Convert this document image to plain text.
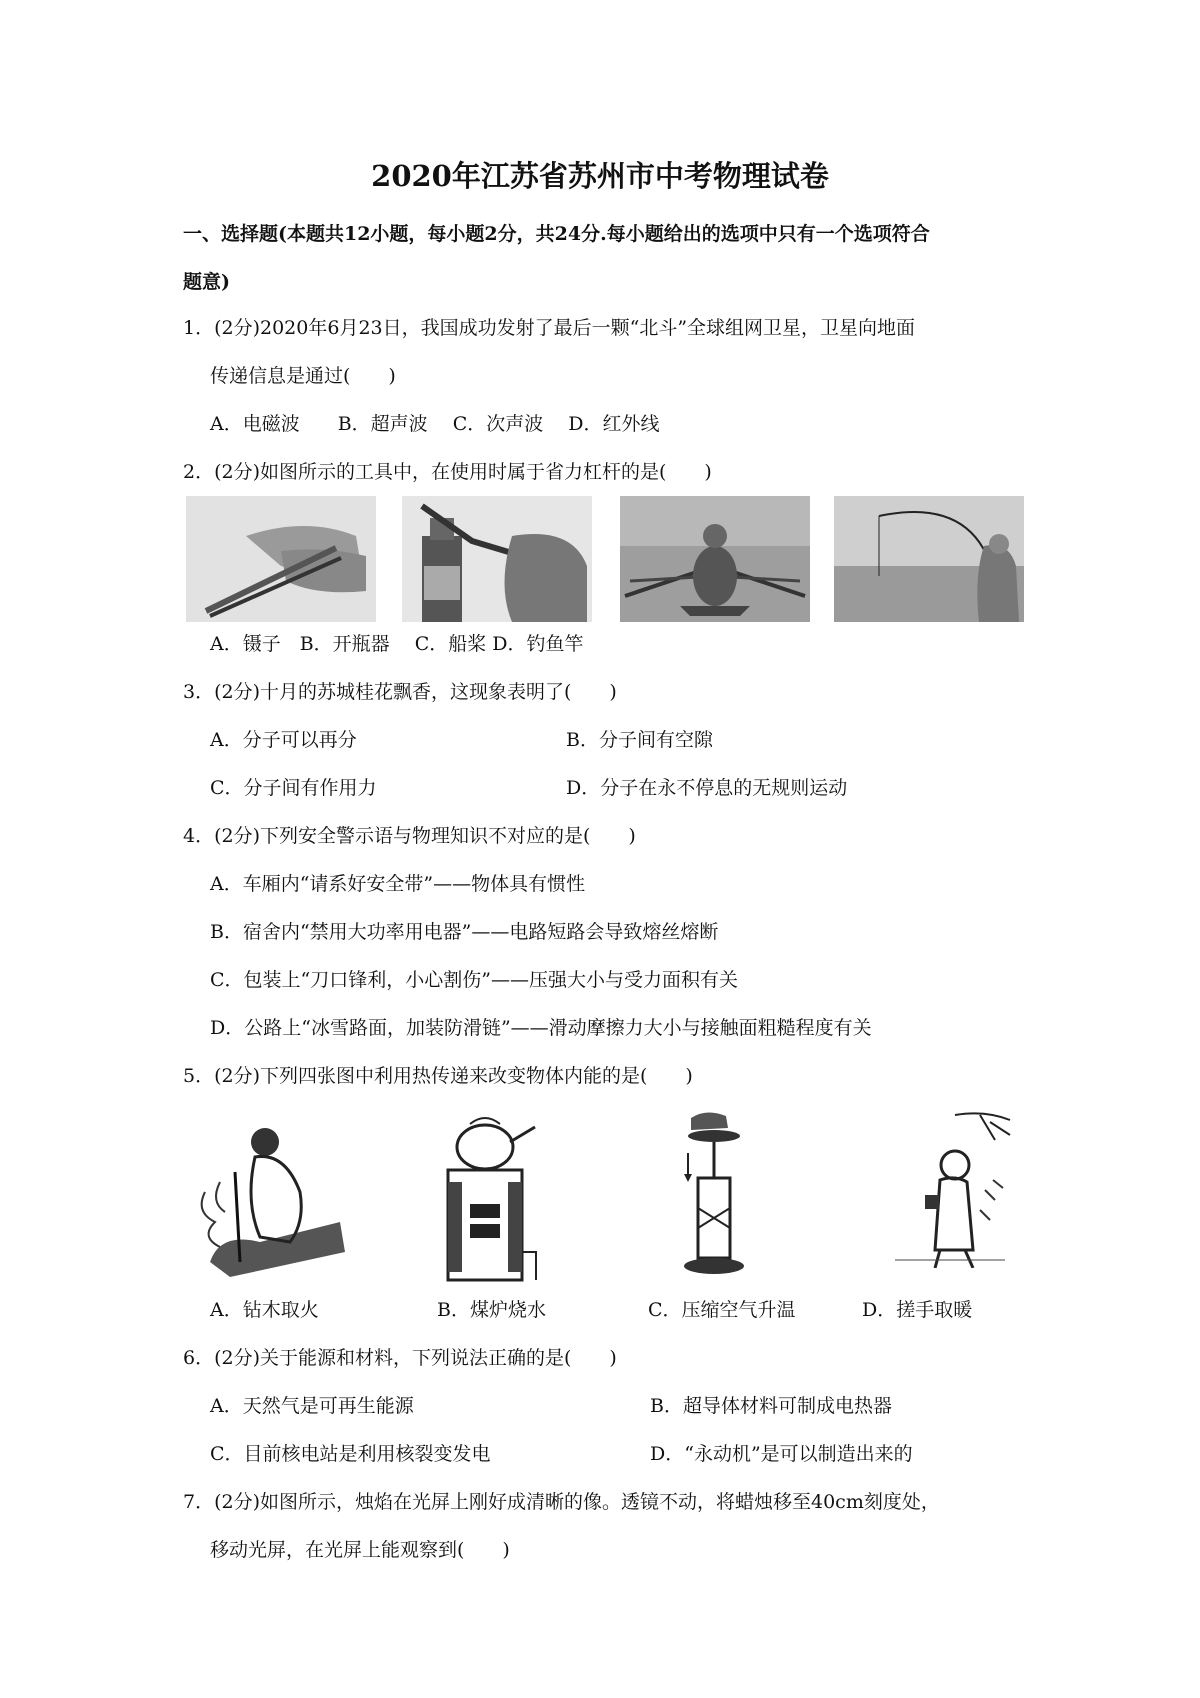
2020年江苏省苏州市中考物理试卷
一、选择题(本题共12小题，每小题2分，共24分.每小题给出的选项中只有一个选项符合
题意)
1．(2分)2020年6月23日，我国成功发射了最后一颗“北斗”全球组网卫星，卫星向地面
传递信息是通过(　　)
A．电磁波　　B．超声波　 C．次声波　 D．红外线
2．(2分)如图所示的工具中，在使用时属于省力杠杆的是(　　)
A．镊子　B．开瓶器　 C．船桨 D．钓鱼竿
3．(2分)十月的苏城桂花飘香，这现象表明了(　　)
A．分子可以再分	B．分子间有空隙
C．分子间有作用力	D．分子在永不停息的无规则运动
4．(2分)下列安全警示语与物理知识不对应的是(　　)
A．车厢内“请系好安全带”——物体具有惯性
B．宿舍内“禁用大功率用电器”——电路短路会导致熔丝熔断
C．包装上“刀口锋利，小心割伤”——压强大小与受力面积有关
D．公路上“冰雪路面，加装防滑链”——滑动摩擦力大小与接触面粗糙程度有关
5．(2分)下列四张图中利用热传递来改变物体内能的是(　　)
A．钻木取火	B．煤炉烧水	C．压缩空气升温	D．搓手取暖
6．(2分)关于能源和材料，下列说法正确的是(　　)
A．天然气是可再生能源	B．超导体材料可制成电热器
C．目前核电站是利用核裂变发电	D．“永动机”是可以制造出来的
7．(2分)如图所示，烛焰在光屏上刚好成清晰的像。透镜不动，将蜡烛移至40cm刻度处，
移动光屏，在光屏上能观察到(　　)
